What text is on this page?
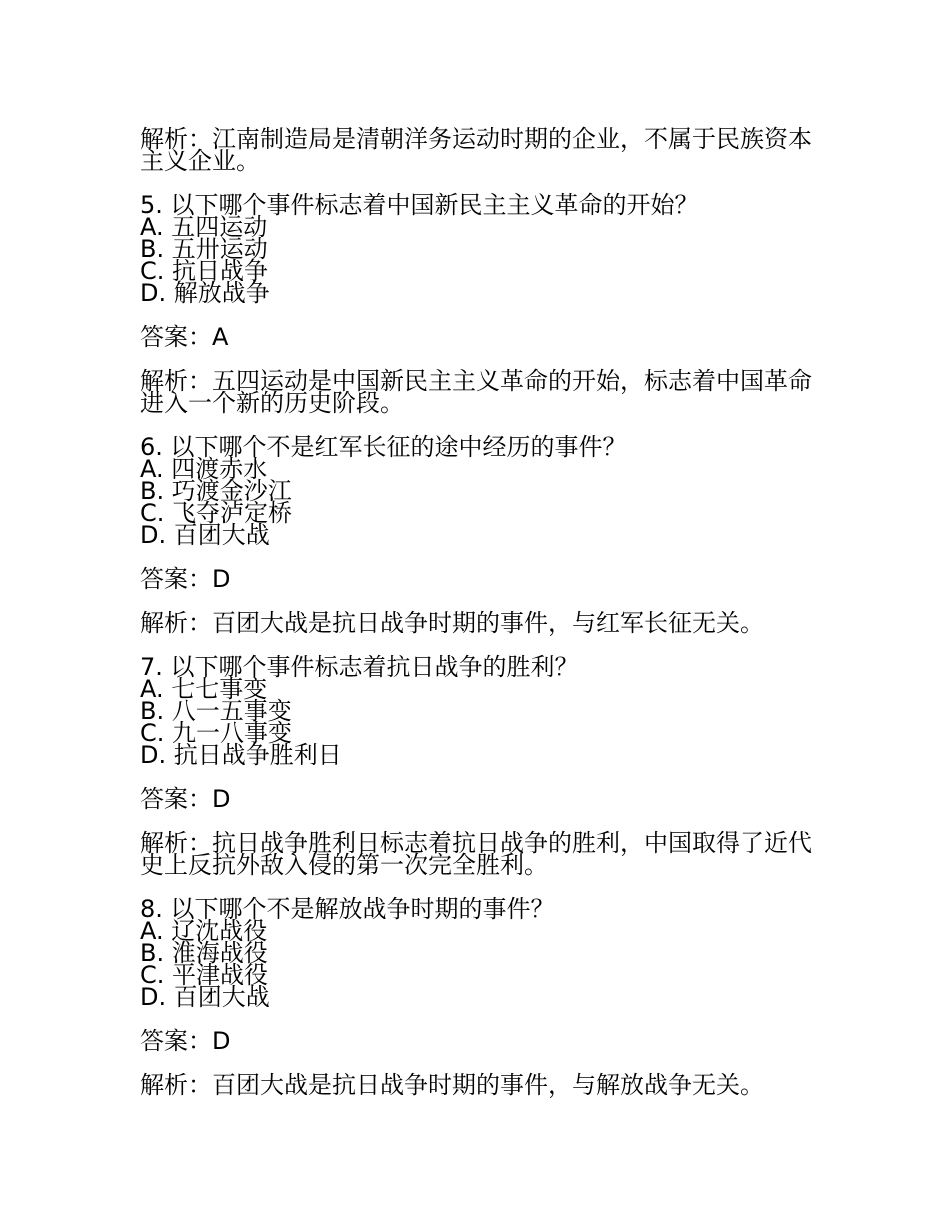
解析：江南制造局是清朝洋务运动时期的企业，不属于民族资本主义企业。
5. 以下哪个事件标志着中国新民主主义革命的开始？
A. 五四运动
B. 五卅运动
C. 抗日战争
D. 解放战争
答案：A
解析：五四运动是中国新民主主义革命的开始，标志着中国革命进入一个新的历史阶段。
6. 以下哪个不是红军长征的途中经历的事件？
A. 四渡赤水
B. 巧渡金沙江
C. 飞夺泸定桥
D. 百团大战
答案：D
解析：百团大战是抗日战争时期的事件，与红军长征无关。
7. 以下哪个事件标志着抗日战争的胜利？
A. 七七事变
B. 八一五事变
C. 九一八事变
D. 抗日战争胜利日
答案：D
解析：抗日战争胜利日标志着抗日战争的胜利，中国取得了近代史上反抗外敌入侵的第一次完全胜利。
8. 以下哪个不是解放战争时期的事件？
A. 辽沈战役
B. 淮海战役
C. 平津战役
D. 百团大战
答案：D
解析：百团大战是抗日战争时期的事件，与解放战争无关。
